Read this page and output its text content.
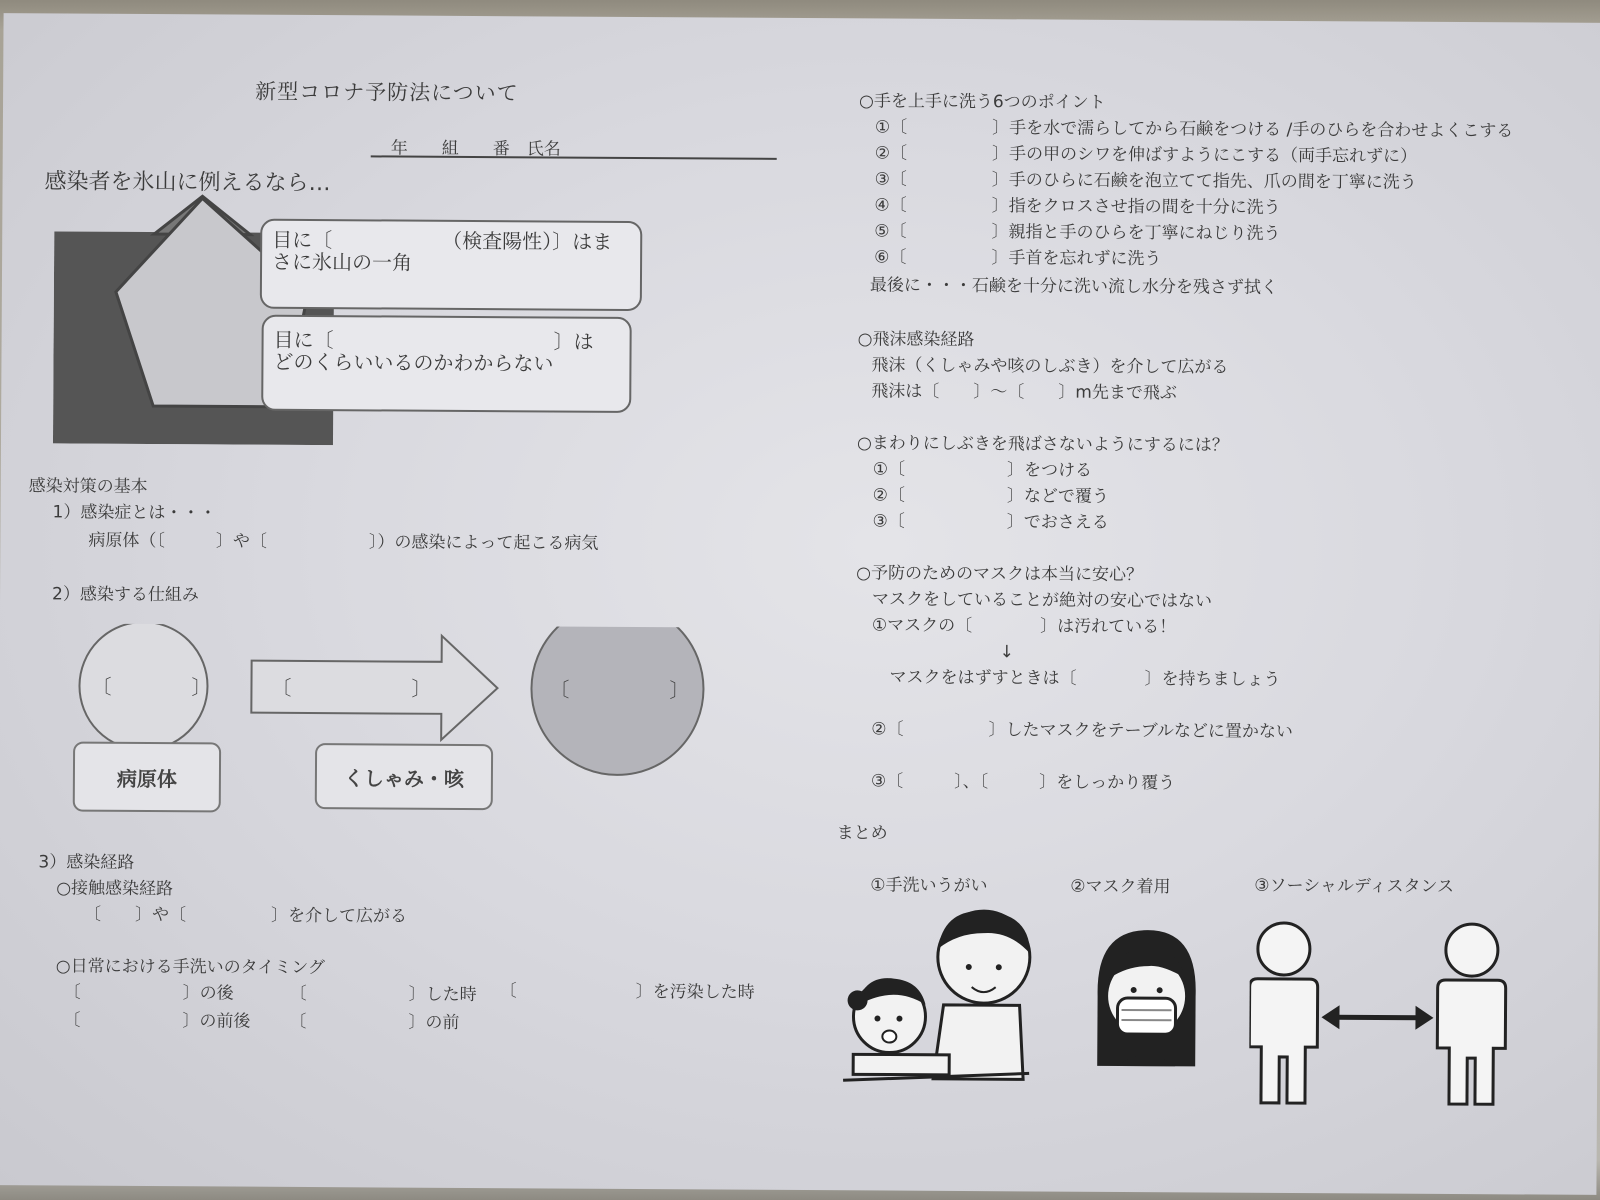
新型コロナ予防法について
年　　組　　番　氏名
感染者を氷山に例えるなら…
目に〔　　　　　　（検査陽性）〕はま
さに氷山の一角
目に〔　　　　　　　　　　　〕は
どのくらいいるのかわからない
感染対策の基本
1）感染症とは・・・
病原体（〔　　　〕や〔　　　　　　〕）の感染によって起こる病気
2）感染する仕組み
〔　　　　〕	〔　　　　　　〕	〔　　　　　〕
病原体	くしゃみ・咳
3）感染経路
○接触感染経路
〔　　〕や〔　　　　　〕を介して広がる
○日常における手洗いのタイミング
〔　　　　　　〕の後	〔　　　　　　〕した時 〔　　　　　　　〕を汚染した時
〔　　　　　　〕の前後 〔　　　　　　〕の前
○手を上手に洗う6つのポイント
①〔　　　　　〕手を水で濡らしてから石鹸をつける /手のひらを合わせよくこする
②〔　　　　　〕手の甲のシワを伸ばすようにこする（両手忘れずに）
③〔　　　　　〕手のひらに石鹸を泡立てて指先、爪の間を丁寧に洗う
④〔　　　　　〕指をクロスさせ指の間を十分に洗う
⑤〔　　　　　〕親指と手のひらを丁寧にねじり洗う
⑥〔　　　　　〕手首を忘れずに洗う
最後に・・・石鹸を十分に洗い流し水分を残さず拭く
○飛沫感染経路
飛沫（くしゃみや咳のしぶき）を介して広がる
飛沫は〔　　〕～〔　　〕m先まで飛ぶ
○まわりにしぶきを飛ばさないようにするには？
①〔　　　　　　〕をつける
②〔　　　　　　〕などで覆う
③〔　　　　　　〕でおさえる
○予防のためのマスクは本当に安心？
マスクをしていることが絶対の安心ではない
①マスクの〔　　　　〕は汚れている！
↓
マスクをはずすときは〔　　　　〕を持ちましょう
②〔　　　　　〕したマスクをテーブルなどに置かない
③〔　　　〕、〔　　　〕をしっかり覆う
まとめ
①手洗いうがい	②マスク着用	③ソーシャルディスタンス
